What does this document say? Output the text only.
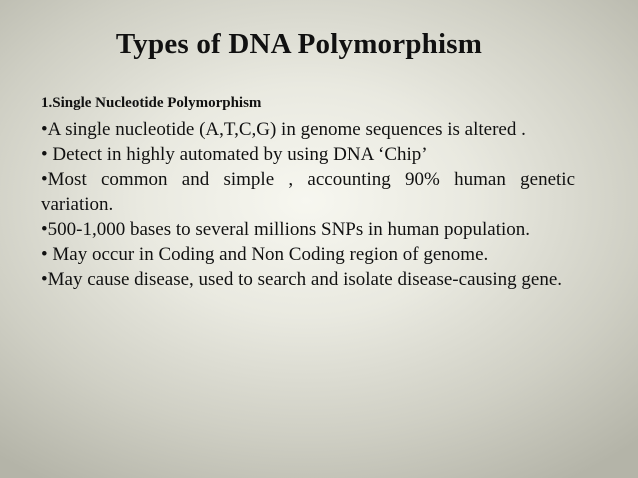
Types of DNA Polymorphism
1.Single Nucleotide Polymorphism
•A single nucleotide (A,T,C,G) in genome sequences is altered .
• Detect in highly automated by using DNA ‘Chip’
•Most common and simple , accounting 90% human genetic variation.
•500-1,000 bases to several millions SNPs in human population.
• May occur in Coding and Non Coding region of genome.
•May cause disease, used to search and isolate disease-causing gene.
